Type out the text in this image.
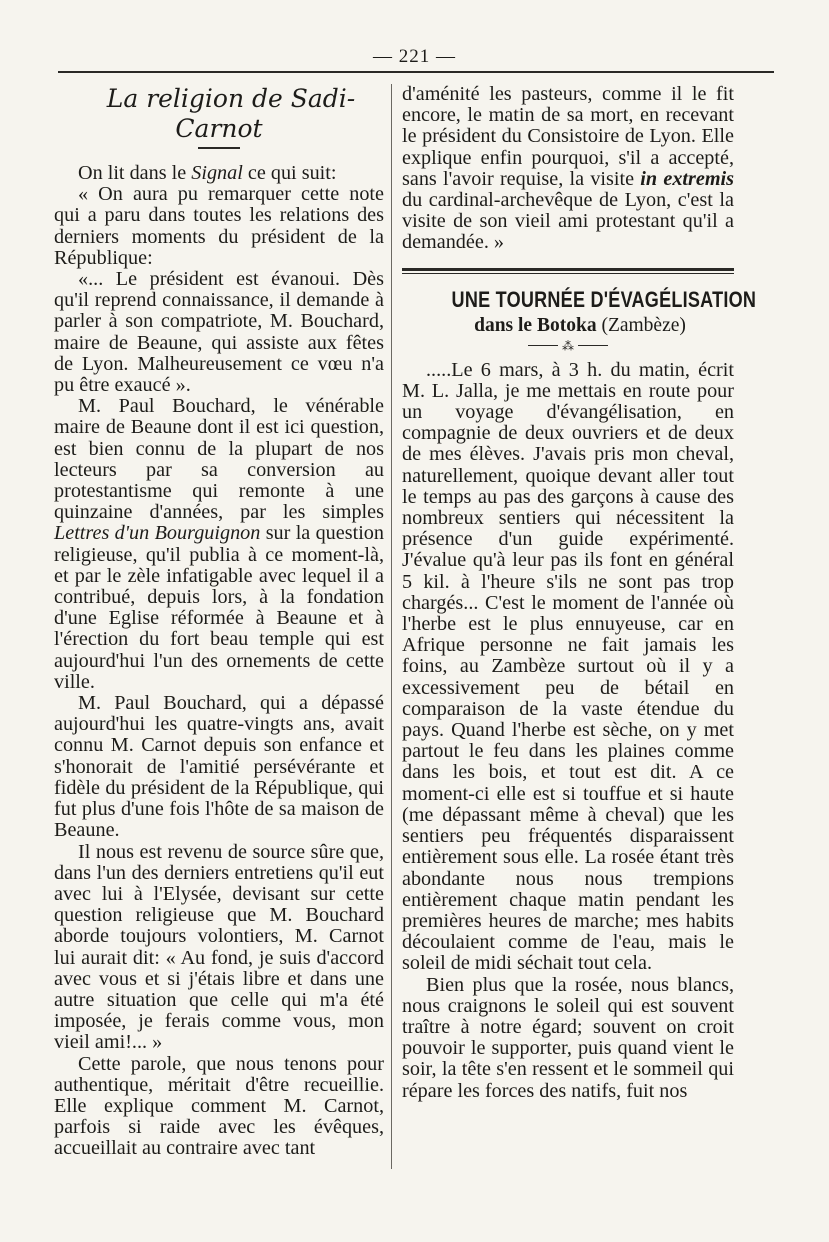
— 221 —

La religion de Sadi-Carnot

On lit dans le Signal ce qui suit:

« On aura pu remarquer cette note qui a paru dans toutes les relations des derniers moments du président de la République:

«... Le président est évanoui. Dès qu'il reprend connaissance, il demande à parler à son compatriote, M. Bouchard, maire de Beaune, qui assiste aux fêtes de Lyon. Malheureusement ce vœu n'a pu être exaucé ».

M. Paul Bouchard, le vénérable maire de Beaune dont il est ici question, est bien connu de la plupart de nos lecteurs par sa conversion au protestantisme qui remonte à une quinzaine d'années, par les simples Lettres d'un Bourguignon sur la question religieuse, qu'il publia à ce moment-là, et par le zèle infatigable avec lequel il a contribué, depuis lors, à la fondation d'une Eglise réformée à Beaune et à l'érection du fort beau temple qui est aujourd'hui l'un des ornements de cette ville.

M. Paul Bouchard, qui a dépassé aujourd'hui les quatre-vingts ans, avait connu M. Carnot depuis son enfance et s'honorait de l'amitié persévérante et fidèle du président de la République, qui fut plus d'une fois l'hôte de sa maison de Beaune.

Il nous est revenu de source sûre que, dans l'un des derniers entretiens qu'il eut avec lui à l'Elysée, devisant sur cette question religieuse que M. Bouchard aborde toujours volontiers, M. Carnot lui aurait dit: « Au fond, je suis d'accord avec vous et si j'étais libre et dans une autre situation que celle qui m'a été imposée, je ferais comme vous, mon vieil ami!... »

Cette parole, que nous tenons pour authentique, méritait d'être recueillie. Elle explique comment M. Carnot, parfois si raide avec les évêques, accueillait au contraire avec tant

d'aménité les pasteurs, comme il le fit encore, le matin de sa mort, en recevant le président du Consistoire de Lyon. Elle explique enfin pourquoi, s'il a accepté, sans l'avoir requise, la visite in extremis du cardinal-archevêque de Lyon, c'est la visite de son vieil ami protestant qu'il a demandée. »

UNE TOURNÉE D'ÉVAGÉLISATION

dans le Botoka (Zambèze)

⁂

.....Le 6 mars, à 3 h. du matin, écrit M. L. Jalla, je me mettais en route pour un voyage d'évangélisation, en compagnie de deux ouvriers et de deux de mes élèves. J'avais pris mon cheval, naturellement, quoique devant aller tout le temps au pas des garçons à cause des nombreux sentiers qui nécessitent la présence d'un guide expérimenté. J'évalue qu'à leur pas ils font en général 5 kil. à l'heure s'ils ne sont pas trop chargés... C'est le moment de l'année où l'herbe est le plus ennuyeuse, car en Afrique personne ne fait jamais les foins, au Zambèze surtout où il y a excessivement peu de bétail en comparaison de la vaste étendue du pays. Quand l'herbe est sèche, on y met partout le feu dans les plaines comme dans les bois, et tout est dit. A ce moment-ci elle est si touffue et si haute (me dépassant même à cheval) que les sentiers peu fréquentés disparaissent entièrement sous elle. La rosée étant très abondante nous nous trempions entièrement chaque matin pendant les premières heures de marche; mes habits découlaient comme de l'eau, mais le soleil de midi séchait tout cela.

Bien plus que la rosée, nous blancs, nous craignons le soleil qui est souvent traître à notre égard; souvent on croit pouvoir le supporter, puis quand vient le soir, la tête s'en ressent et le sommeil qui répare les forces des natifs, fuit nos
